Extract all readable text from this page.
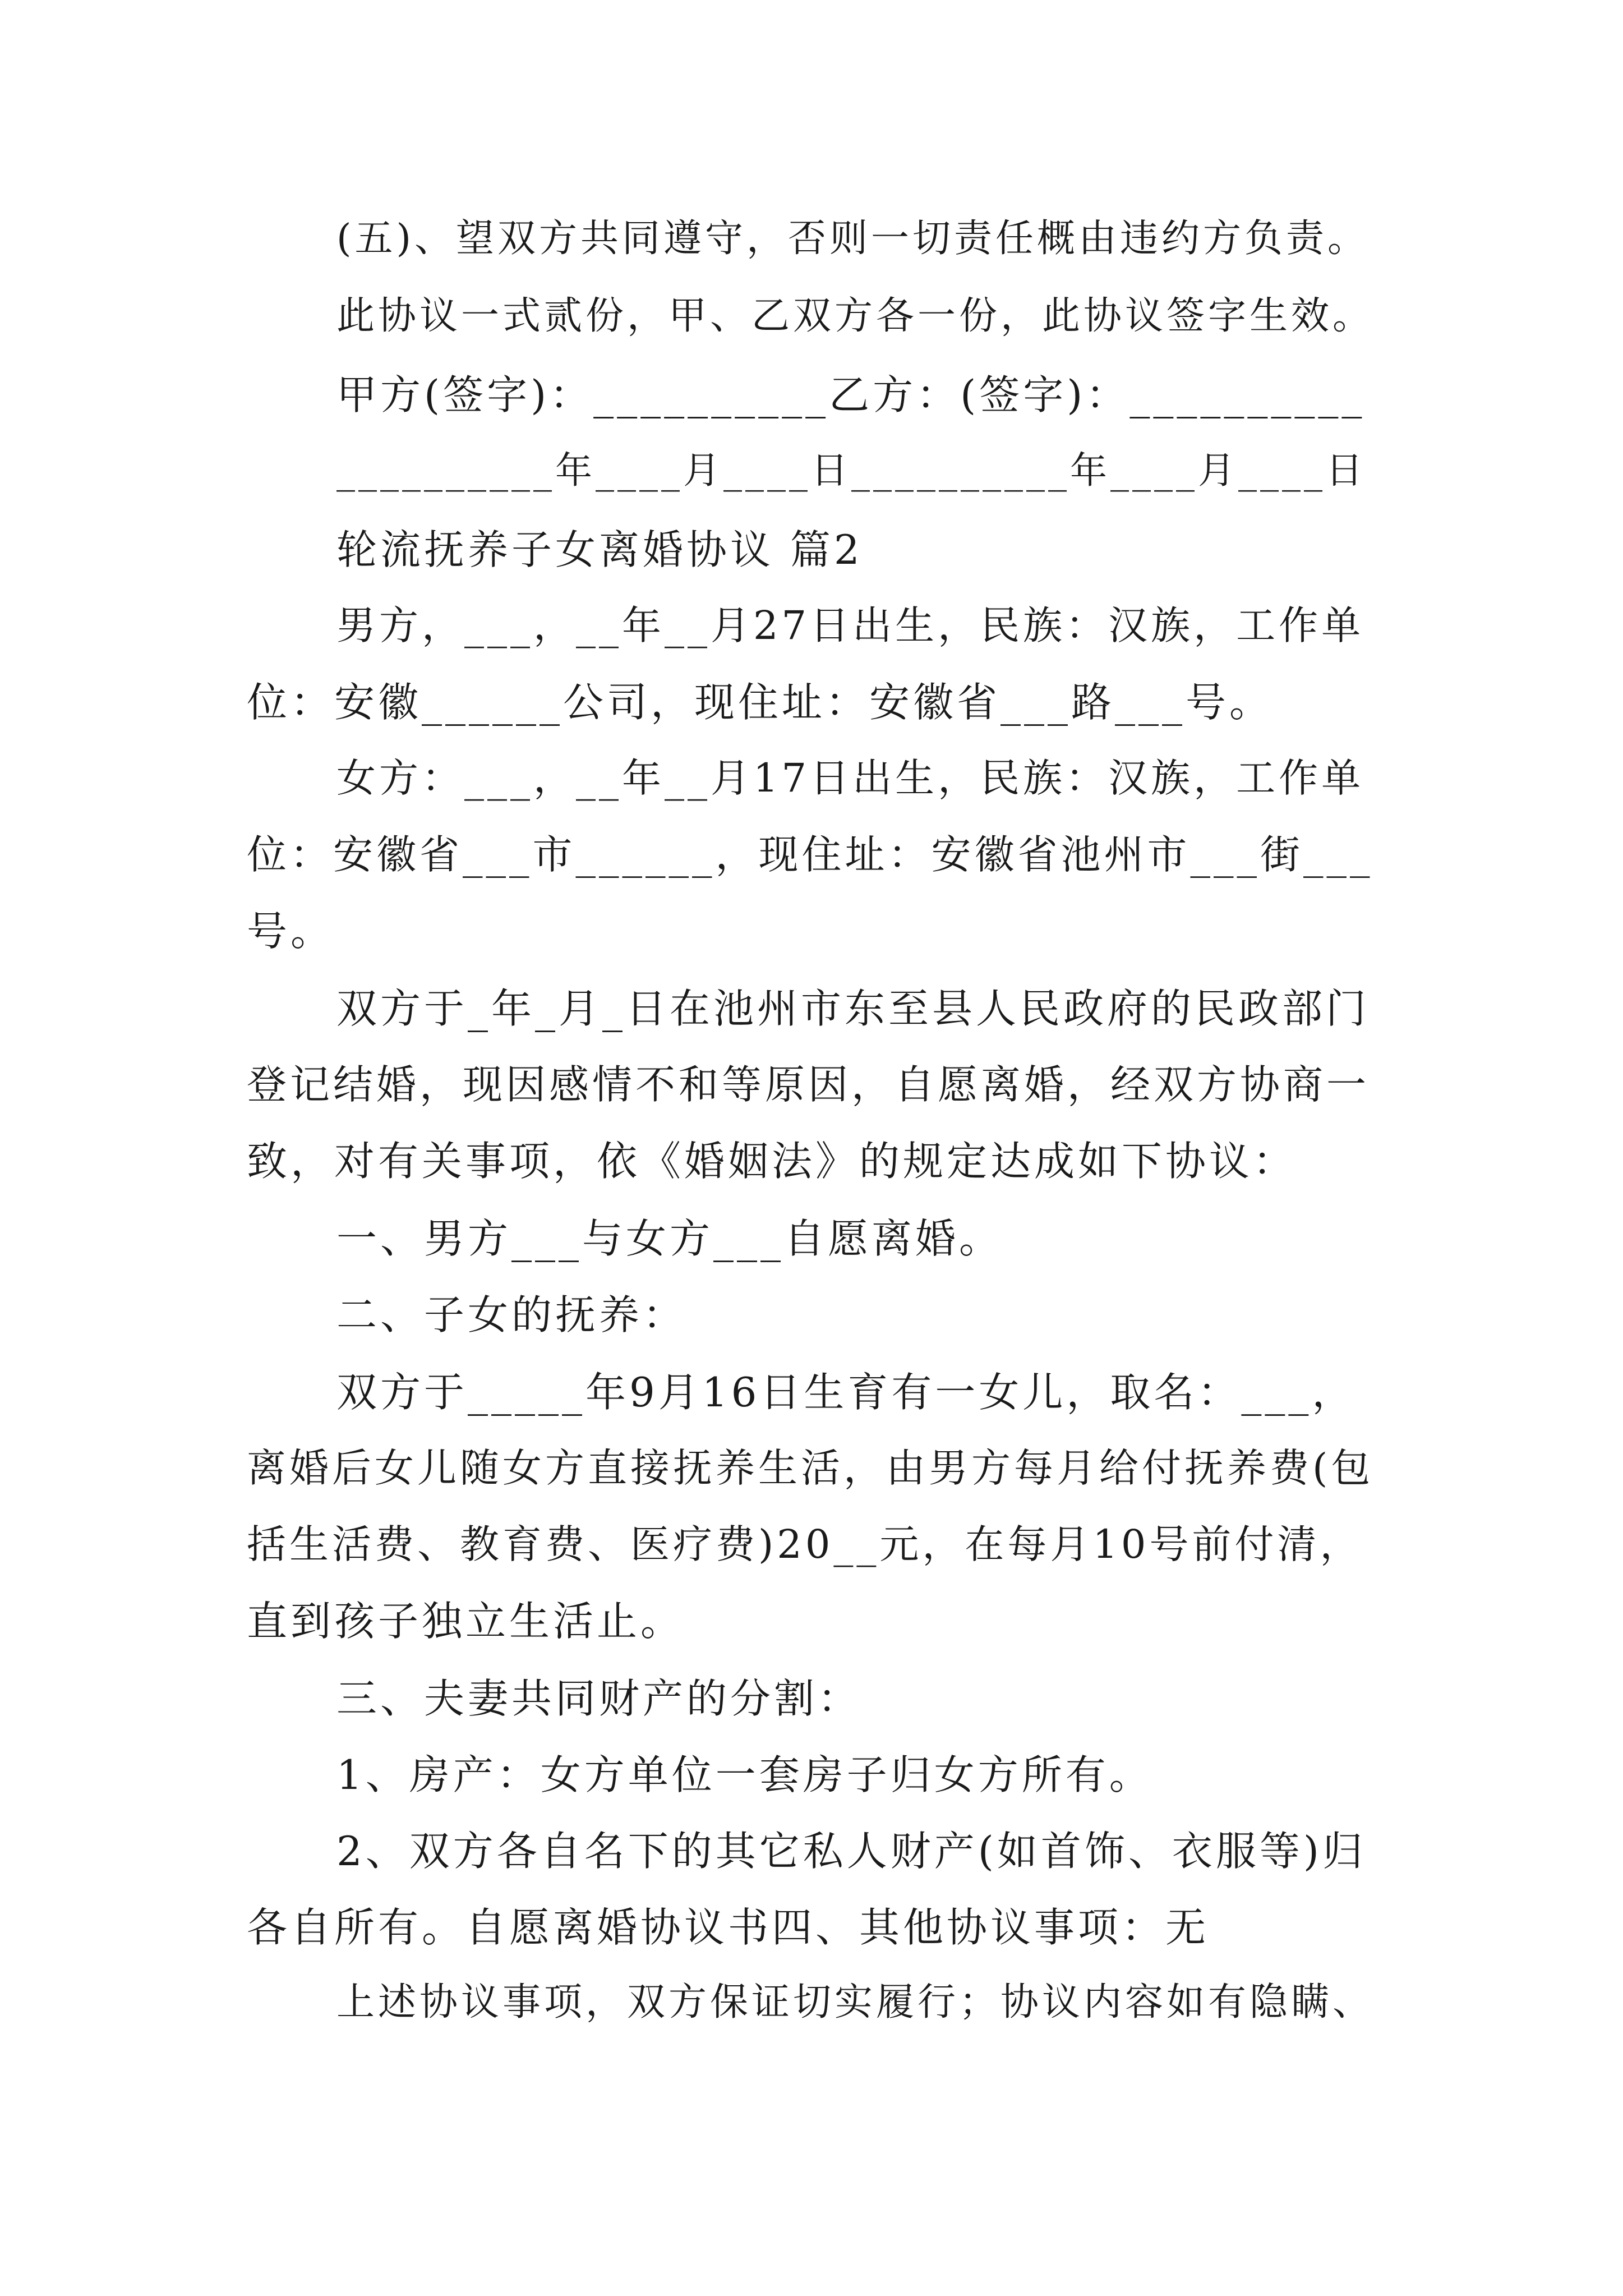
(五)、望双方共同遵守，否则一切责任概由违约方负责。
此协议一式贰份，甲、乙双方各一份，此协议签字生效。
甲方(签字)：__________乙方：(签字)：__________
__________年____月____日__________年____月____日
轮流抚养子女离婚协议 篇2
男方，___，__年__月27日出生，民族：汉族，工作单
位：安徽______公司，现住址：安徽省___路___号。
女方：___，__年__月17日出生，民族：汉族，工作单
位：安徽省___市______，现住址：安徽省池州市___街___
号。
双方于_年_月_日在池州市东至县人民政府的民政部门
登记结婚，现因感情不和等原因，自愿离婚，经双方协商一
致，对有关事项，依《婚姻法》的规定达成如下协议：
一、男方___与女方___自愿离婚。
二、子女的抚养：
双方于_____年9月16日生育有一女儿，取名：___，
离婚后女儿随女方直接抚养生活，由男方每月给付抚养费(包
括生活费、教育费、医疗费)20__元，在每月10号前付清，
直到孩子独立生活止。
三、夫妻共同财产的分割：
1、房产：女方单位一套房子归女方所有。
2、双方各自名下的其它私人财产(如首饰、衣服等)归
各自所有。自愿离婚协议书四、其他协议事项：无
上述协议事项，双方保证切实履行；协议内容如有隐瞒、
